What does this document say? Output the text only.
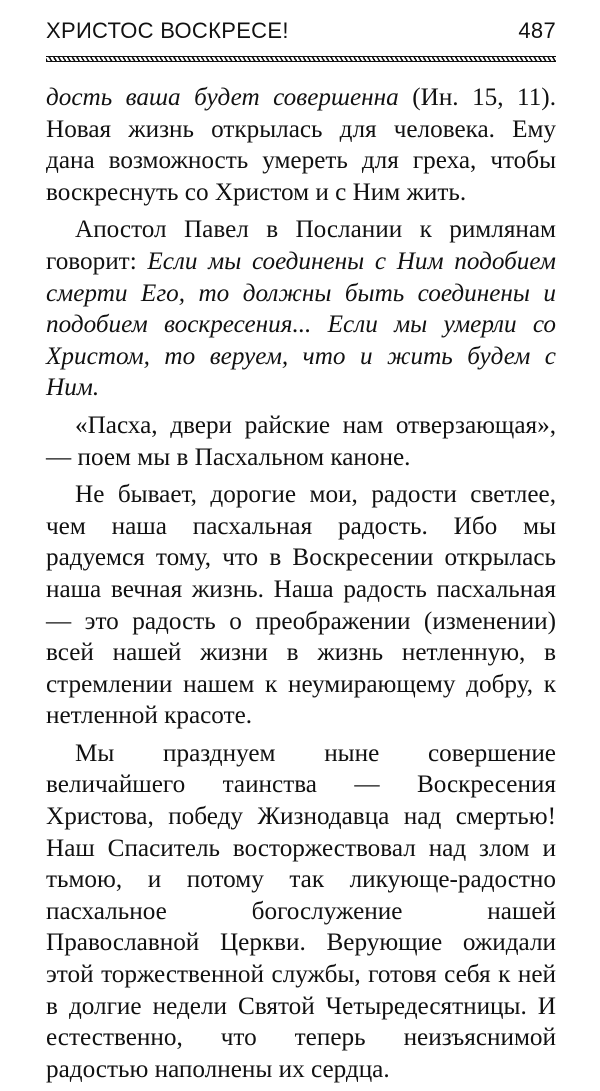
ХРИСТОС ВОСКРЕСЕ!	487

дость ваша будет совершенна (Ин. 15, 11). Новая жизнь открылась для человека. Ему дана возможность умереть для греха, чтобы воскреснуть со Христом и с Ним жить.

Апостол Павел в Послании к римлянам говорит: Если мы соединены с Ним подобием смерти Его, то должны быть соединены и подобием воскресения... Если мы умерли со Христом, то веруем, что и жить будем с Ним.

«Пасха, двери райские нам отверзающая», — поем мы в Пасхальном каноне.

Не бывает, дорогие мои, радости светлее, чем наша пасхальная радость. Ибо мы радуемся тому, что в Воскресении открылась наша вечная жизнь. Наша радость пасхальная — это радость о преображении (изменении) всей нашей жизни в жизнь нетленную, в стремлении нашем к неумирающему добру, к нетленной красоте.

Мы празднуем ныне совершение величайшего таинства — Воскресения Христова, победу Жизнодавца над смертью! Наш Спаситель восторжествовал над злом и тьмою, и потому так ликующе-радостно пасхальное богослужение нашей Православной Церкви. Верующие ожидали этой торжественной службы, готовя себя к ней в долгие недели Святой Четыредесятницы. И естественно, что теперь неизъяснимой радостью наполнены их сердца.
